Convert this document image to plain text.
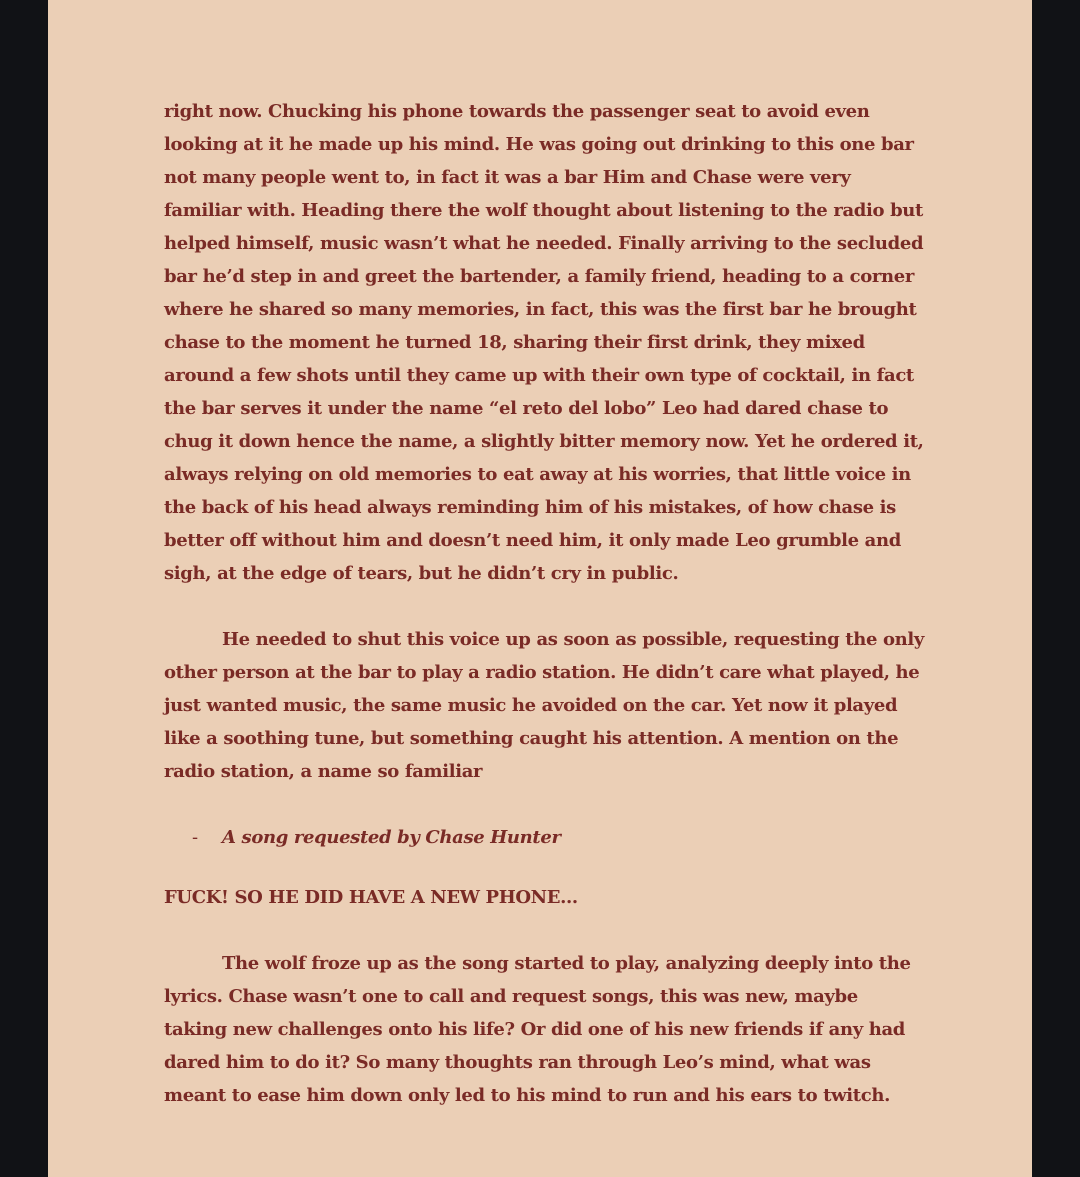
right now. Chucking his phone towards the passenger seat to avoid even looking at it he made up his mind. He was going out drinking to this one bar not many people went to, in fact it was a bar Him and Chase were very familiar with. Heading there the wolf thought about listening to the radio but helped himself, music wasn’t what he needed. Finally arriving to the secluded bar he’d step in and greet the bartender, a family friend, heading to a corner where he shared so many memories, in fact, this was the first bar he brought chase to the moment he turned 18, sharing their first drink, they mixed around a few shots until they came up with their own type of cocktail, in fact the bar serves it under the name “el reto del lobo” Leo had dared chase to chug it down hence the name, a slightly bitter memory now. Yet he ordered it, always relying on old memories to eat away at his worries, that little voice in the back of his head always reminding him of his mistakes, of how chase is better off without him and doesn’t need him, it only made Leo grumble and sigh, at the edge of tears, but he didn’t cry in public.

He needed to shut this voice up as soon as possible, requesting the only other person at the bar to play a radio station. He didn’t care what played, he just wanted music, the same music he avoided on the car. Yet now it played like a soothing tune, but something caught his attention. A mention on the radio station, a name so familiar

- A song requested by Chase Hunter

FUCK! SO HE DID HAVE A NEW PHONE…

The wolf froze up as the song started to play, analyzing deeply into the lyrics. Chase wasn’t one to call and request songs, this was new, maybe taking new challenges onto his life? Or did one of his new friends if any had dared him to do it? So many thoughts ran through Leo’s mind, what was meant to ease him down only led to his mind to run and his ears to twitch.
